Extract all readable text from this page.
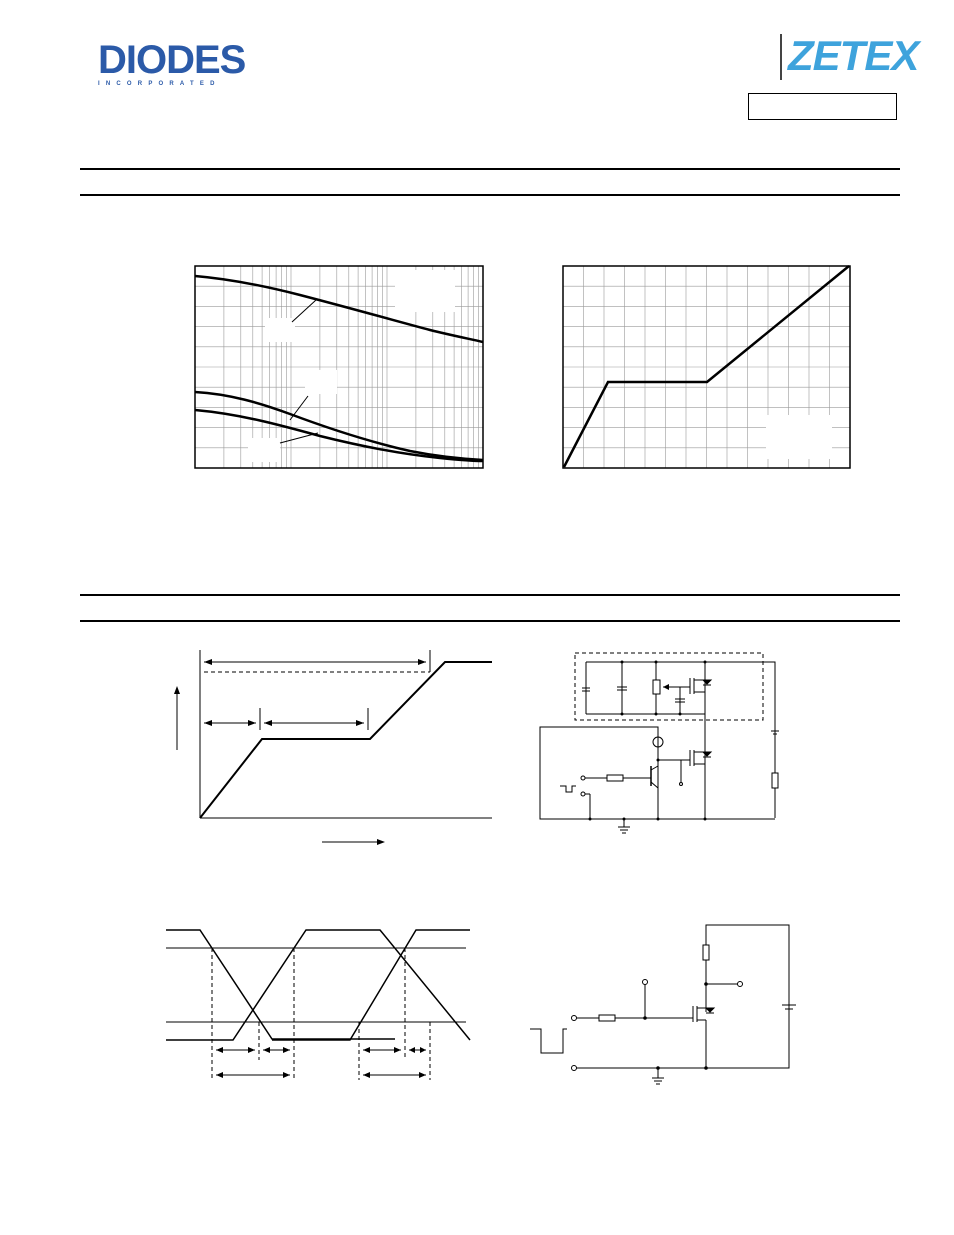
DIODES
INCORPORATED
ZETEX
